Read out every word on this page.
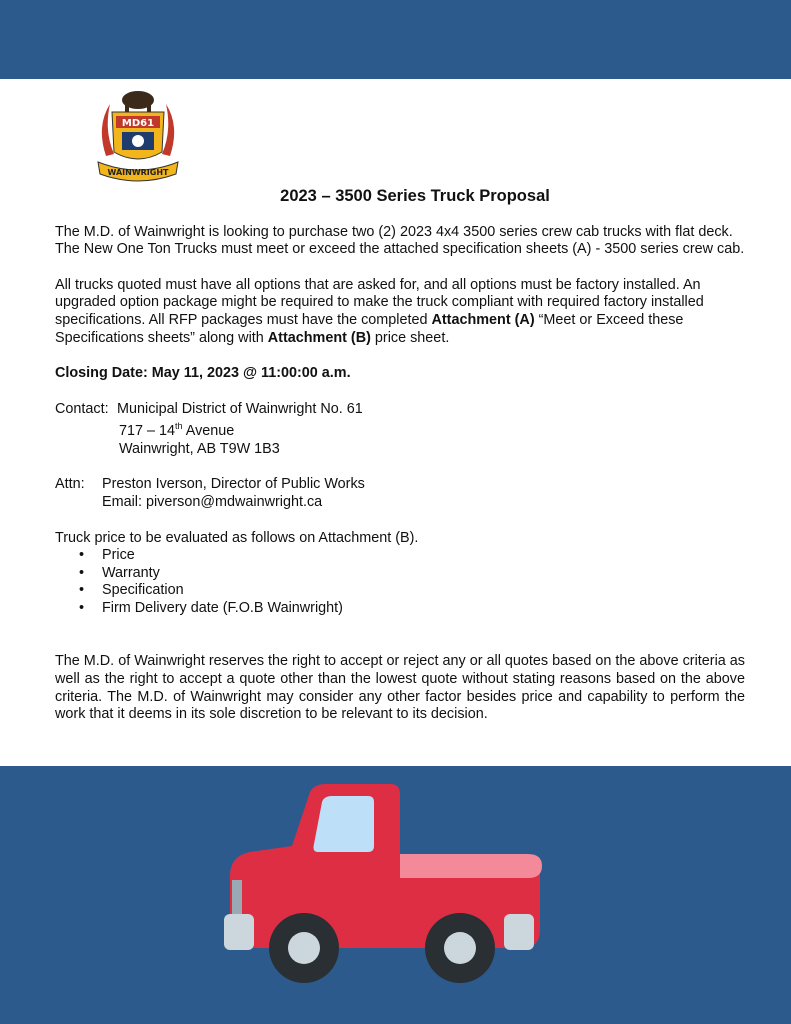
MD61
WAINWRIGHT
2023 – 3500 Series Truck Proposal

The M.D. of Wainwright is looking to purchase two (2) 2023 4x4 3500 series crew cab trucks with flat deck. The New One Ton Trucks must meet or exceed the attached specification sheets (A) - 3500 series crew cab.

All trucks quoted must have all options that are asked for, and all options must be factory installed. An upgraded option package might be required to make the truck compliant with required factory installed specifications. All RFP packages must have the completed Attachment (A) “Meet or Exceed these Specifications sheets” along with Attachment (B) price sheet.

Closing Date: May 11, 2023 @ 11:00:00 a.m.

Contact: Municipal District of Wainwright No. 61
717 – 14th Avenue
Wainwright, AB T9W 1B3
Attn:	Preston Iverson, Director of Public Works
Email: piverson@mdwainwright.ca

Truck price to be evaluated as follows on Attachment (B).

• Price
• Warranty
• Specification
• Firm Delivery date (F.O.B Wainwright)

The M.D. of Wainwright reserves the right to accept or reject any or all quotes based on the above criteria as well as the right to accept a quote other than the lowest quote without stating reasons based on the above criteria. The M.D. of Wainwright may consider any other factor besides price and capability to perform the work that it deems in its sole discretion to be relevant to its decision.
